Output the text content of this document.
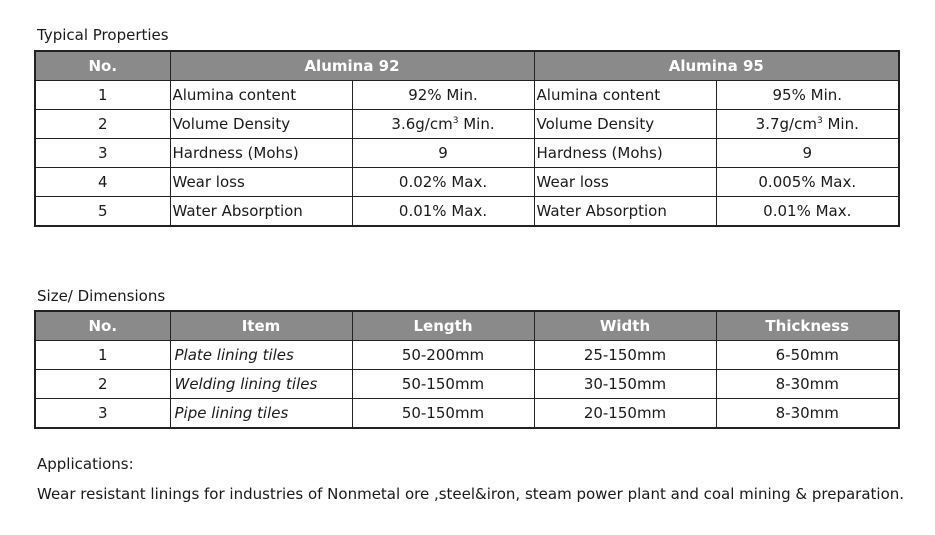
Typical Properties
No.	Alumina 92		Alumina 95	
1	Alumina content	92% Min.	Alumina content	95% Min.
2	Volume Density	$3.6g/cm^3$ Min.	Volume Density	$3.7g/cm^3$ Min.
3	Hardness (Mohs)	9	Hardness (Mohs)	9
4	Wear loss	0.02% Max.	Wear loss	0.005% Max.
5	Water Absorption	0.01% Max.	Water Absorption	0.01% Max.
Size/ Dimensions
No.	Item	Length	Width	Thickness
1	Plate lining tiles	50-200mm	25-150mm	6-50mm
2	Welding lining tiles	50-150mm	30-150mm	8-30mm
3	Pipe lining tiles	50-150mm	20-150mm	8-30mm
Applications:
Wear resistant linings for industries of Nonmetal ore ,steel&iron, steam power plant and coal mining & preparation.
